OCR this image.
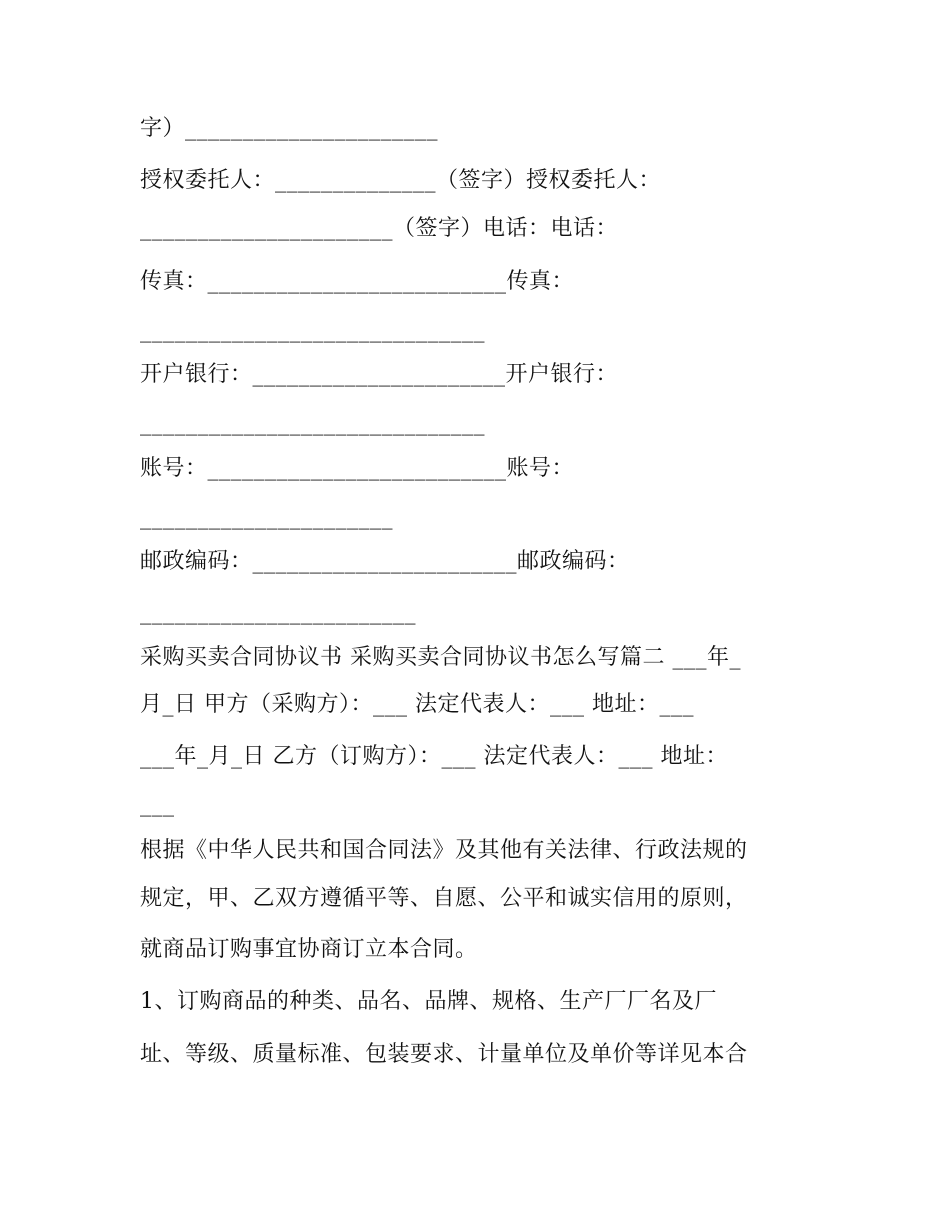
字）______________________
授权委托人：______________（签字）授权委托人：
______________________（签字）电话：电话：
传真：__________________________传真：
______________________________
开户银行：______________________开户银行：
______________________________
账号：__________________________账号：
______________________
邮政编码：_______________________邮政编码：
________________________
采购买卖合同协议书 采购买卖合同协议书怎么写篇二 ___年_
月_日 甲方（采购方）：___ 法定代表人：___ 地址：___
___年_月_日 乙方（订购方）：___ 法定代表人：___ 地址：
___
根据《中华人民共和国合同法》及其他有关法律、行政法规的
规定，甲、乙双方遵循平等、自愿、公平和诚实信用的原则，
就商品订购事宜协商订立本合同。
1、订购商品的种类、品名、品牌、规格、生产厂厂名及厂
址、等级、质量标准、包装要求、计量单位及单价等详见本合
